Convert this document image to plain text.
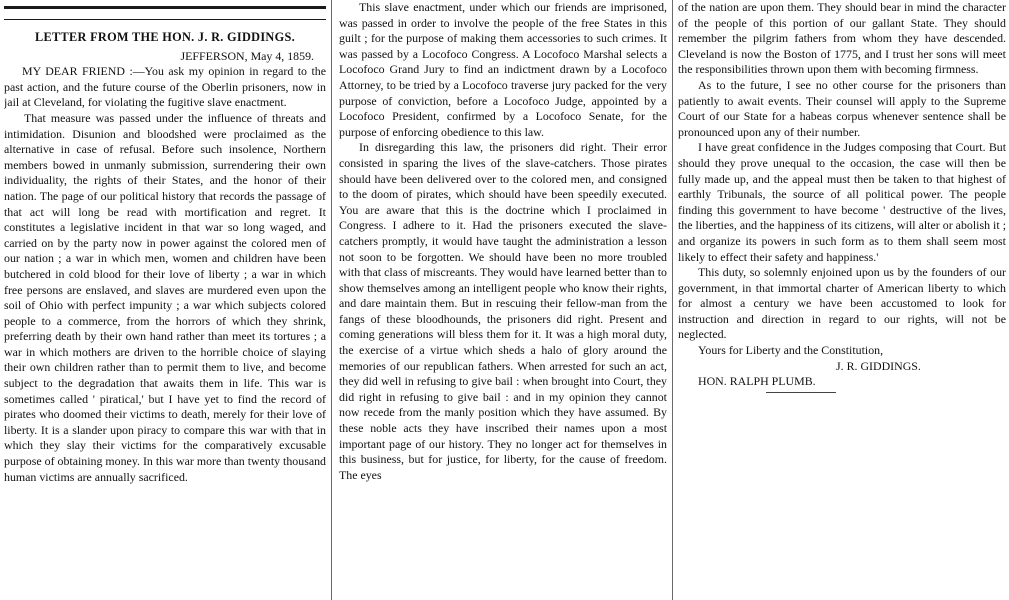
LETTER FROM THE HON. J. R. GIDDINGS.
JEFFERSON, May 4, 1859.

MY DEAR FRIEND :—You ask my opinion in regard to the past action, and the future course of the Oberlin prisoners, now in jail at Cleveland, for violating the fugitive slave enactment.

That measure was passed under the influence of threats and intimidation. Disunion and bloodshed were proclaimed as the alternative in case of refusal. Before such insolence, Northern members bowed in unmanly submission, surrendering their own individuality, the rights of their States, and the honor of their nation. The page of our political history that records the passage of that act will long be read with mortification and regret. It constitutes a legislative incident in that war so long waged, and carried on by the party now in power against the colored men of our nation ; a war in which men, women and children have been butchered in cold blood for their love of liberty ; a war in which free persons are enslaved, and slaves are murdered even upon the soil of Ohio with perfect impunity ; a war which subjects colored people to a commerce, from the horrors of which they shrink, preferring death by their own hand rather than meet its tortures ; a war in which mothers are driven to the horrible choice of slaying their own children rather than to permit them to live, and become subject to the degradation that awaits them in life. This war is sometimes called ' piratical,' but I have yet to find the record of pirates who doomed their victims to death, merely for their love of liberty. It is a slander upon piracy to compare this war with that in which they slay their victims for the comparatively excusable purpose of obtaining money. In this war more than twenty thousand human victims are annually sacrificed.

This slave enactment, under which our friends are imprisoned, was passed in order to involve the people of the free States in this guilt ; for the purpose of making them accessories to such crimes. It was passed by a Locofoco Congress. A Locofoco Marshal selects a Locofoco Grand Jury to find an indictment drawn by a Locofoco Attorney, to be tried by a Locofoco traverse jury packed for the very purpose of conviction, before a Locofoco Judge, appointed by a Locofoco President, confirmed by a Locofoco Senate, for the purpose of enforcing obedience to this law.

In disregarding this law, the prisoners did right. Their error consisted in sparing the lives of the slave-catchers. Those pirates should have been delivered over to the colored men, and consigned to the doom of pirates, which should have been speedily executed. You are aware that this is the doctrine which I proclaimed in Congress. I adhere to it. Had the prisoners executed the slave-catchers promptly, it would have taught the administration a lesson not soon to be forgotten. We should have been no more troubled with that class of miscreants. They would have learned better than to show themselves among an intelligent people who know their rights, and dare maintain them. But in rescuing their fellow-man from the fangs of these bloodhounds, the prisoners did right. Present and coming generations will bless them for it. It was a high moral duty, the exercise of a virtue which sheds a halo of glory around the memories of our republican fathers. When arrested for such an act, they did well in refusing to give bail : when brought into Court, they did right in refusing to give bail : and in my opinion they cannot now recede from the manly position which they have assumed. By these noble acts they have inscribed their names upon a most important page of our history. They no longer act for themselves in this business, but for justice, for liberty, for the cause of freedom. The eyes

of the nation are upon them. They should bear in mind the character of the people of this portion of our gallant State. They should remember the pilgrim fathers from whom they have descended. Cleveland is now the Boston of 1775, and I trust her sons will meet the responsibilities thrown upon them with becoming firmness.

As to the future, I see no other course for the prisoners than patiently to await events. Their counsel will apply to the Supreme Court of our State for a habeas corpus whenever sentence shall be pronounced upon any of their number.

I have great confidence in the Judges composing that Court. But should they prove unequal to the occasion, the case will then be fully made up, and the appeal must then be taken to that highest of earthly Tribunals, the source of all political power. The people finding this government to have become ' destructive of the lives, the liberties, and the happiness of its citizens, will alter or abolish it ; and organize its powers in such form as to them shall seem most likely to effect their safety and happiness.'

This duty, so solemnly enjoined upon us by the founders of our government, in that immortal charter of American liberty to which for almost a century we have been accustomed to look for instruction and direction in regard to our rights, will not be neglected.

Yours for Liberty and the Constitution,

J. R. GIDDINGS.
HON. RALPH PLUMB.
